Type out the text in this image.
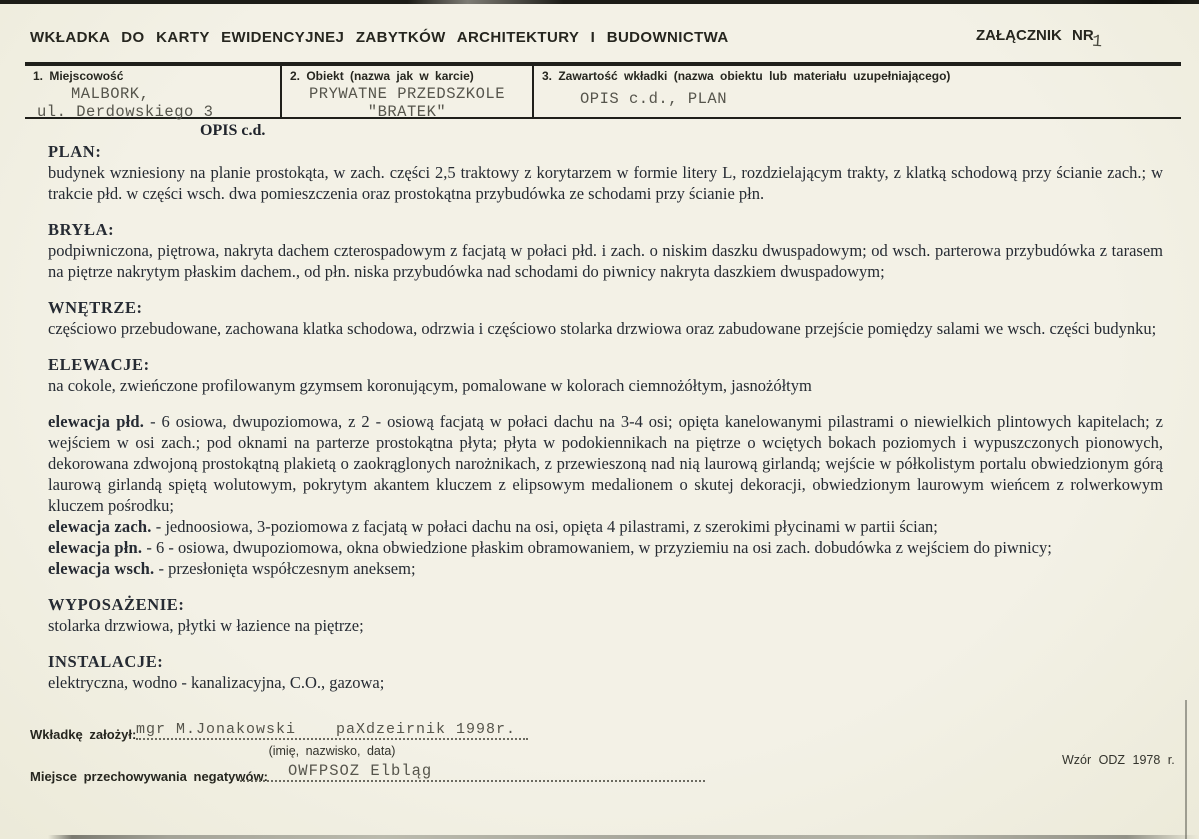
WKŁADKA DO KARTY EWIDENCYJNEJ ZABYTKÓW ARCHITEKTURY I BUDOWNICTWA	ZAŁĄCZNIK NR
1
1. Miejscowość
MALBORK,
ul. Derdowskiego 3
2. Obiekt (nazwa jak w karcie)
PRYWATNE PRZEDSZKOLE
"BRATEK"
3. Zawartość wkładki (nazwa obiektu lub materiału uzupełniającego)
OPIS c.d., PLAN
OPIS c.d.
PLAN:

budynek wzniesiony na planie prostokąta, w zach. części 2,5 traktowy z korytarzem w formie litery L, rozdzielającym trakty, z klatką schodową przy ścianie zach.; w trakcie płd. w części wsch. dwa pomieszczenia oraz prostokątna przybudówka ze schodami przy ścianie płn.

BRYŁA:

podpiwniczona, piętrowa, nakryta dachem czterospadowym z facjatą w połaci płd. i zach. o niskim daszku dwuspadowym; od wsch. parterowa przybudówka z tarasem na piętrze nakrytym płaskim dachem., od płn. niska przybudówka nad schodami do piwnicy nakryta daszkiem dwuspadowym;

WNĘTRZE:

częściowo przebudowane, zachowana klatka schodowa, odrzwia i częściowo stolarka drzwiowa oraz zabudowane przejście pomiędzy salami we wsch. części budynku;

ELEWACJE:

na cokole, zwieńczone profilowanym gzymsem koronującym, pomalowane w kolorach ciemnożółtym, jasnożółtym

elewacja płd. - 6 osiowa, dwupoziomowa, z 2 - osiową facjatą w połaci dachu na 3-4 osi; opięta kanelowanymi pilastrami o niewielkich plintowych kapitelach; z wejściem w osi zach.; pod oknami na parterze prostokątna płyta; płyta w podokiennikach na piętrze o wciętych bokach poziomych i wypuszczonych pionowych, dekorowana zdwojoną prostokątną plakietą o zaokrąglonych narożnikach, z przewieszoną nad nią laurową girlandą; wejście w półkolistym portalu obwiedzionym górą laurową girlandą spiętą wolutowym, pokrytym akantem kluczem z elipsowym medalionem o skutej dekoracji, obwiedzionym laurowym wieńcem z rolwerkowym kluczem pośrodku;

elewacja zach. - jednoosiowa, 3-poziomowa z facjatą w połaci dachu na osi, opięta 4 pilastrami, z szerokimi płycinami w partii ścian;

elewacja płn. - 6 - osiowa, dwupoziomowa, okna obwiedzione płaskim obramowaniem, w przyziemiu na osi zach. dobudówka z wejściem do piwnicy;

elewacja wsch. - przesłonięta współczesnym aneksem;

WYPOSAŻENIE:

stolarka drzwiowa, płytki w łazience na piętrze;

INSTALACJE:

elektryczna, wodno - kanalizacyjna, C.O., gazowa;

Wkładkę założył: mgr M.Jonakowski    paXdzeirnik 1998r.
(imię, nazwisko, data)
Miejsce przechowywania negatywów:	OWFPSOZ Elbląg
Wzór ODZ 1978 r.
